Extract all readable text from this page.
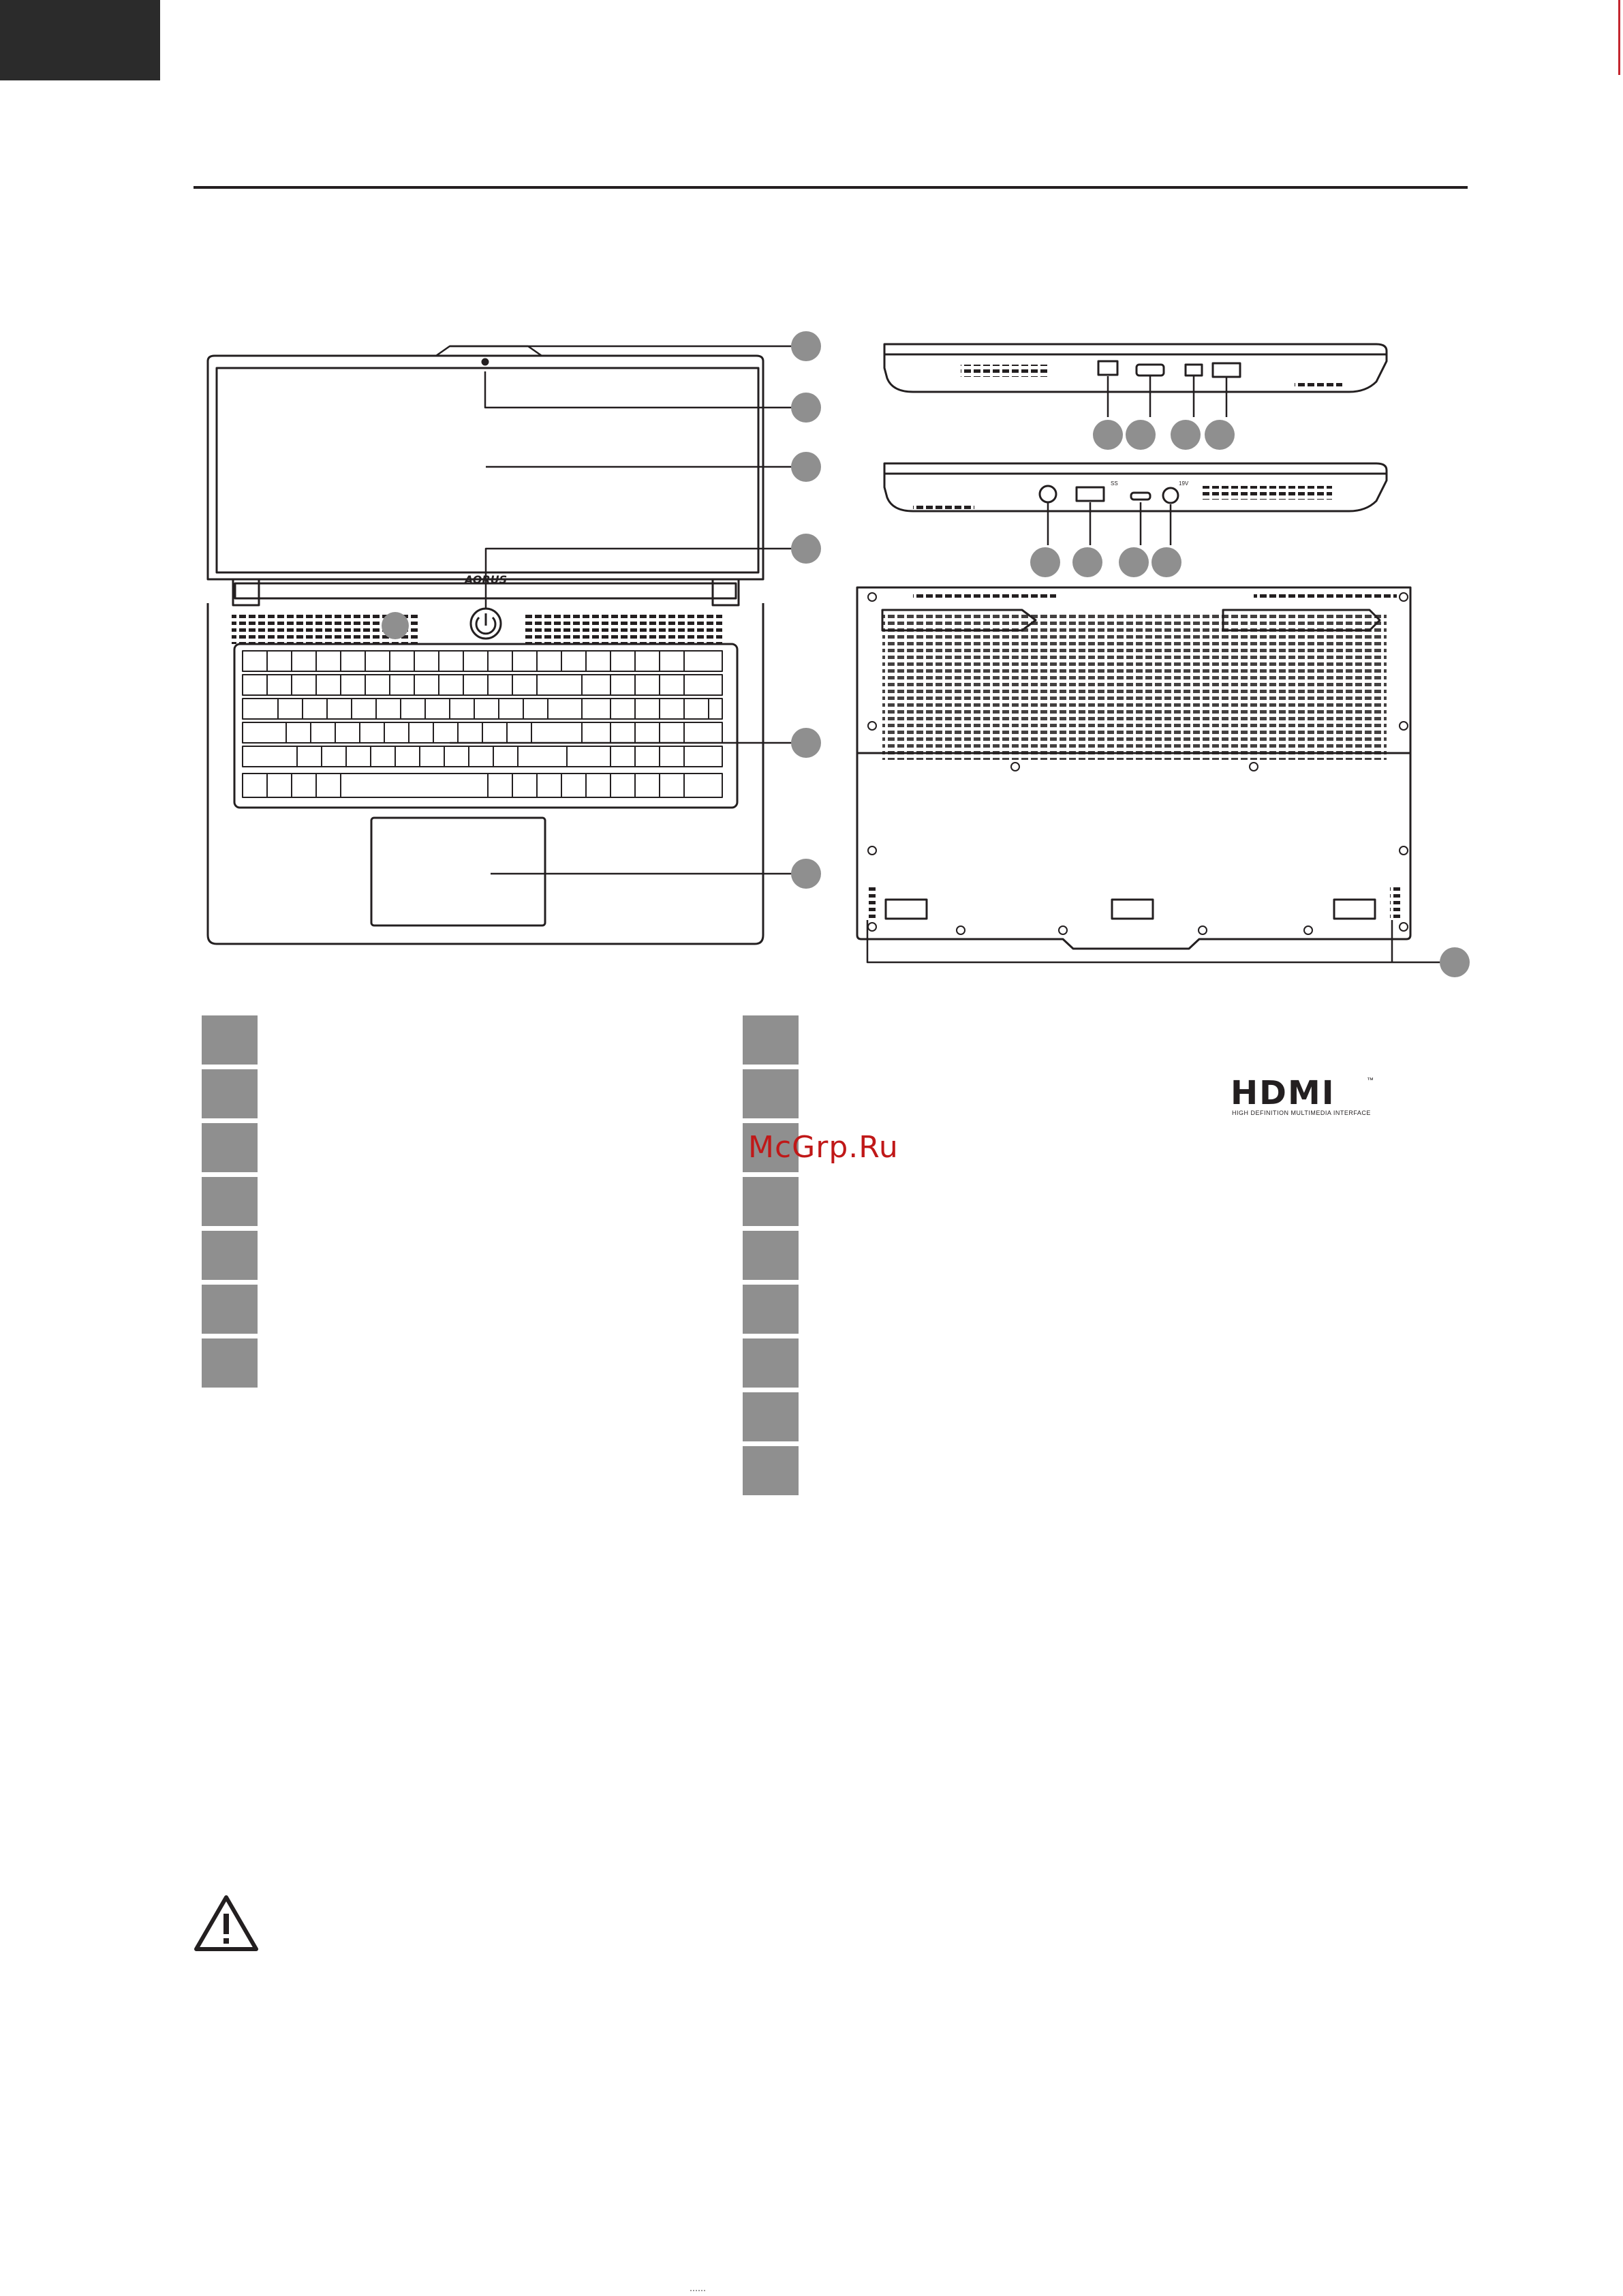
AORUS
SS	19V
McGrp.Ru
HDMI	™
HIGH DEFINITION MULTIMEDIA INTERFACE
